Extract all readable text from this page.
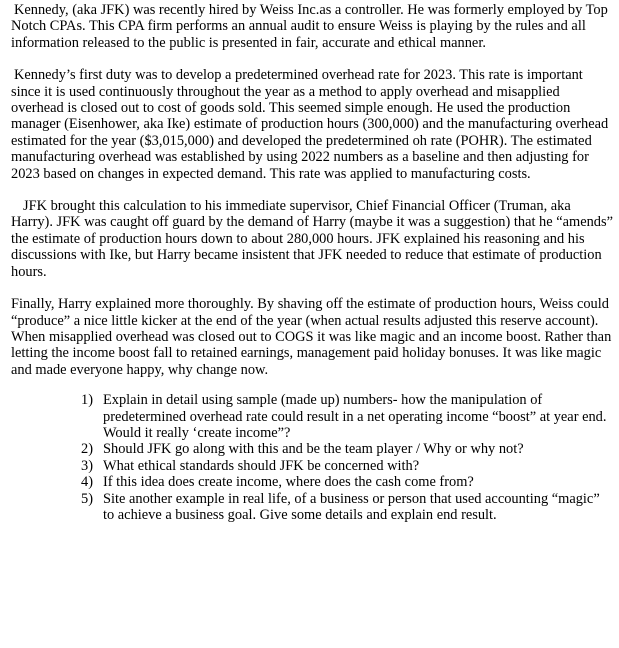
Kennedy, (aka JFK) was recently hired by Weiss Inc.as a controller. He was formerly employed by Top Notch CPAs. This CPA firm performs an annual audit to ensure Weiss is playing by the rules and all information released to the public is presented in fair, accurate and ethical manner.

Kennedy’s first duty was to develop a predetermined overhead rate for 2023. This rate is important since it is used continuously throughout the year as a method to apply overhead and misapplied overhead is closed out to cost of goods sold. This seemed simple enough. He used the production manager (Eisenhower, aka Ike) estimate of production hours (300,000) and the manufacturing overhead estimated for the year ($3,015,000) and developed the predetermined oh rate (POHR). The estimated manufacturing overhead was established by using 2022 numbers as a baseline and then adjusting for 2023 based on changes in expected demand. This rate was applied to manufacturing costs.

JFK brought this calculation to his immediate supervisor, Chief Financial Officer (Truman, aka Harry). JFK was caught off guard by the demand of Harry (maybe it was a suggestion) that he “amends” the estimate of production hours down to about 280,000 hours. JFK explained his reasoning and his discussions with Ike, but Harry became insistent that JFK needed to reduce that estimate of production hours.

Finally, Harry explained more thoroughly. By shaving off the estimate of production hours, Weiss could “produce” a nice little kicker at the end of the year (when actual results adjusted this reserve account). When misapplied overhead was closed out to COGS it was like magic and an income boost. Rather than letting the income boost fall to retained earnings, management paid holiday bonuses. It was like magic and made everyone happy, why change now.

1) Explain in detail using sample (made up) numbers- how the manipulation of predetermined overhead rate could result in a net operating income “boost” at year end. Would it really ‘create income”?
2) Should JFK go along with this and be the team player / Why or why not?
3) What ethical standards should JFK be concerned with?
4) If this idea does create income, where does the cash come from?
5) Site another example in real life, of a business or person that used accounting “magic” to achieve a business goal. Give some details and explain end result.
